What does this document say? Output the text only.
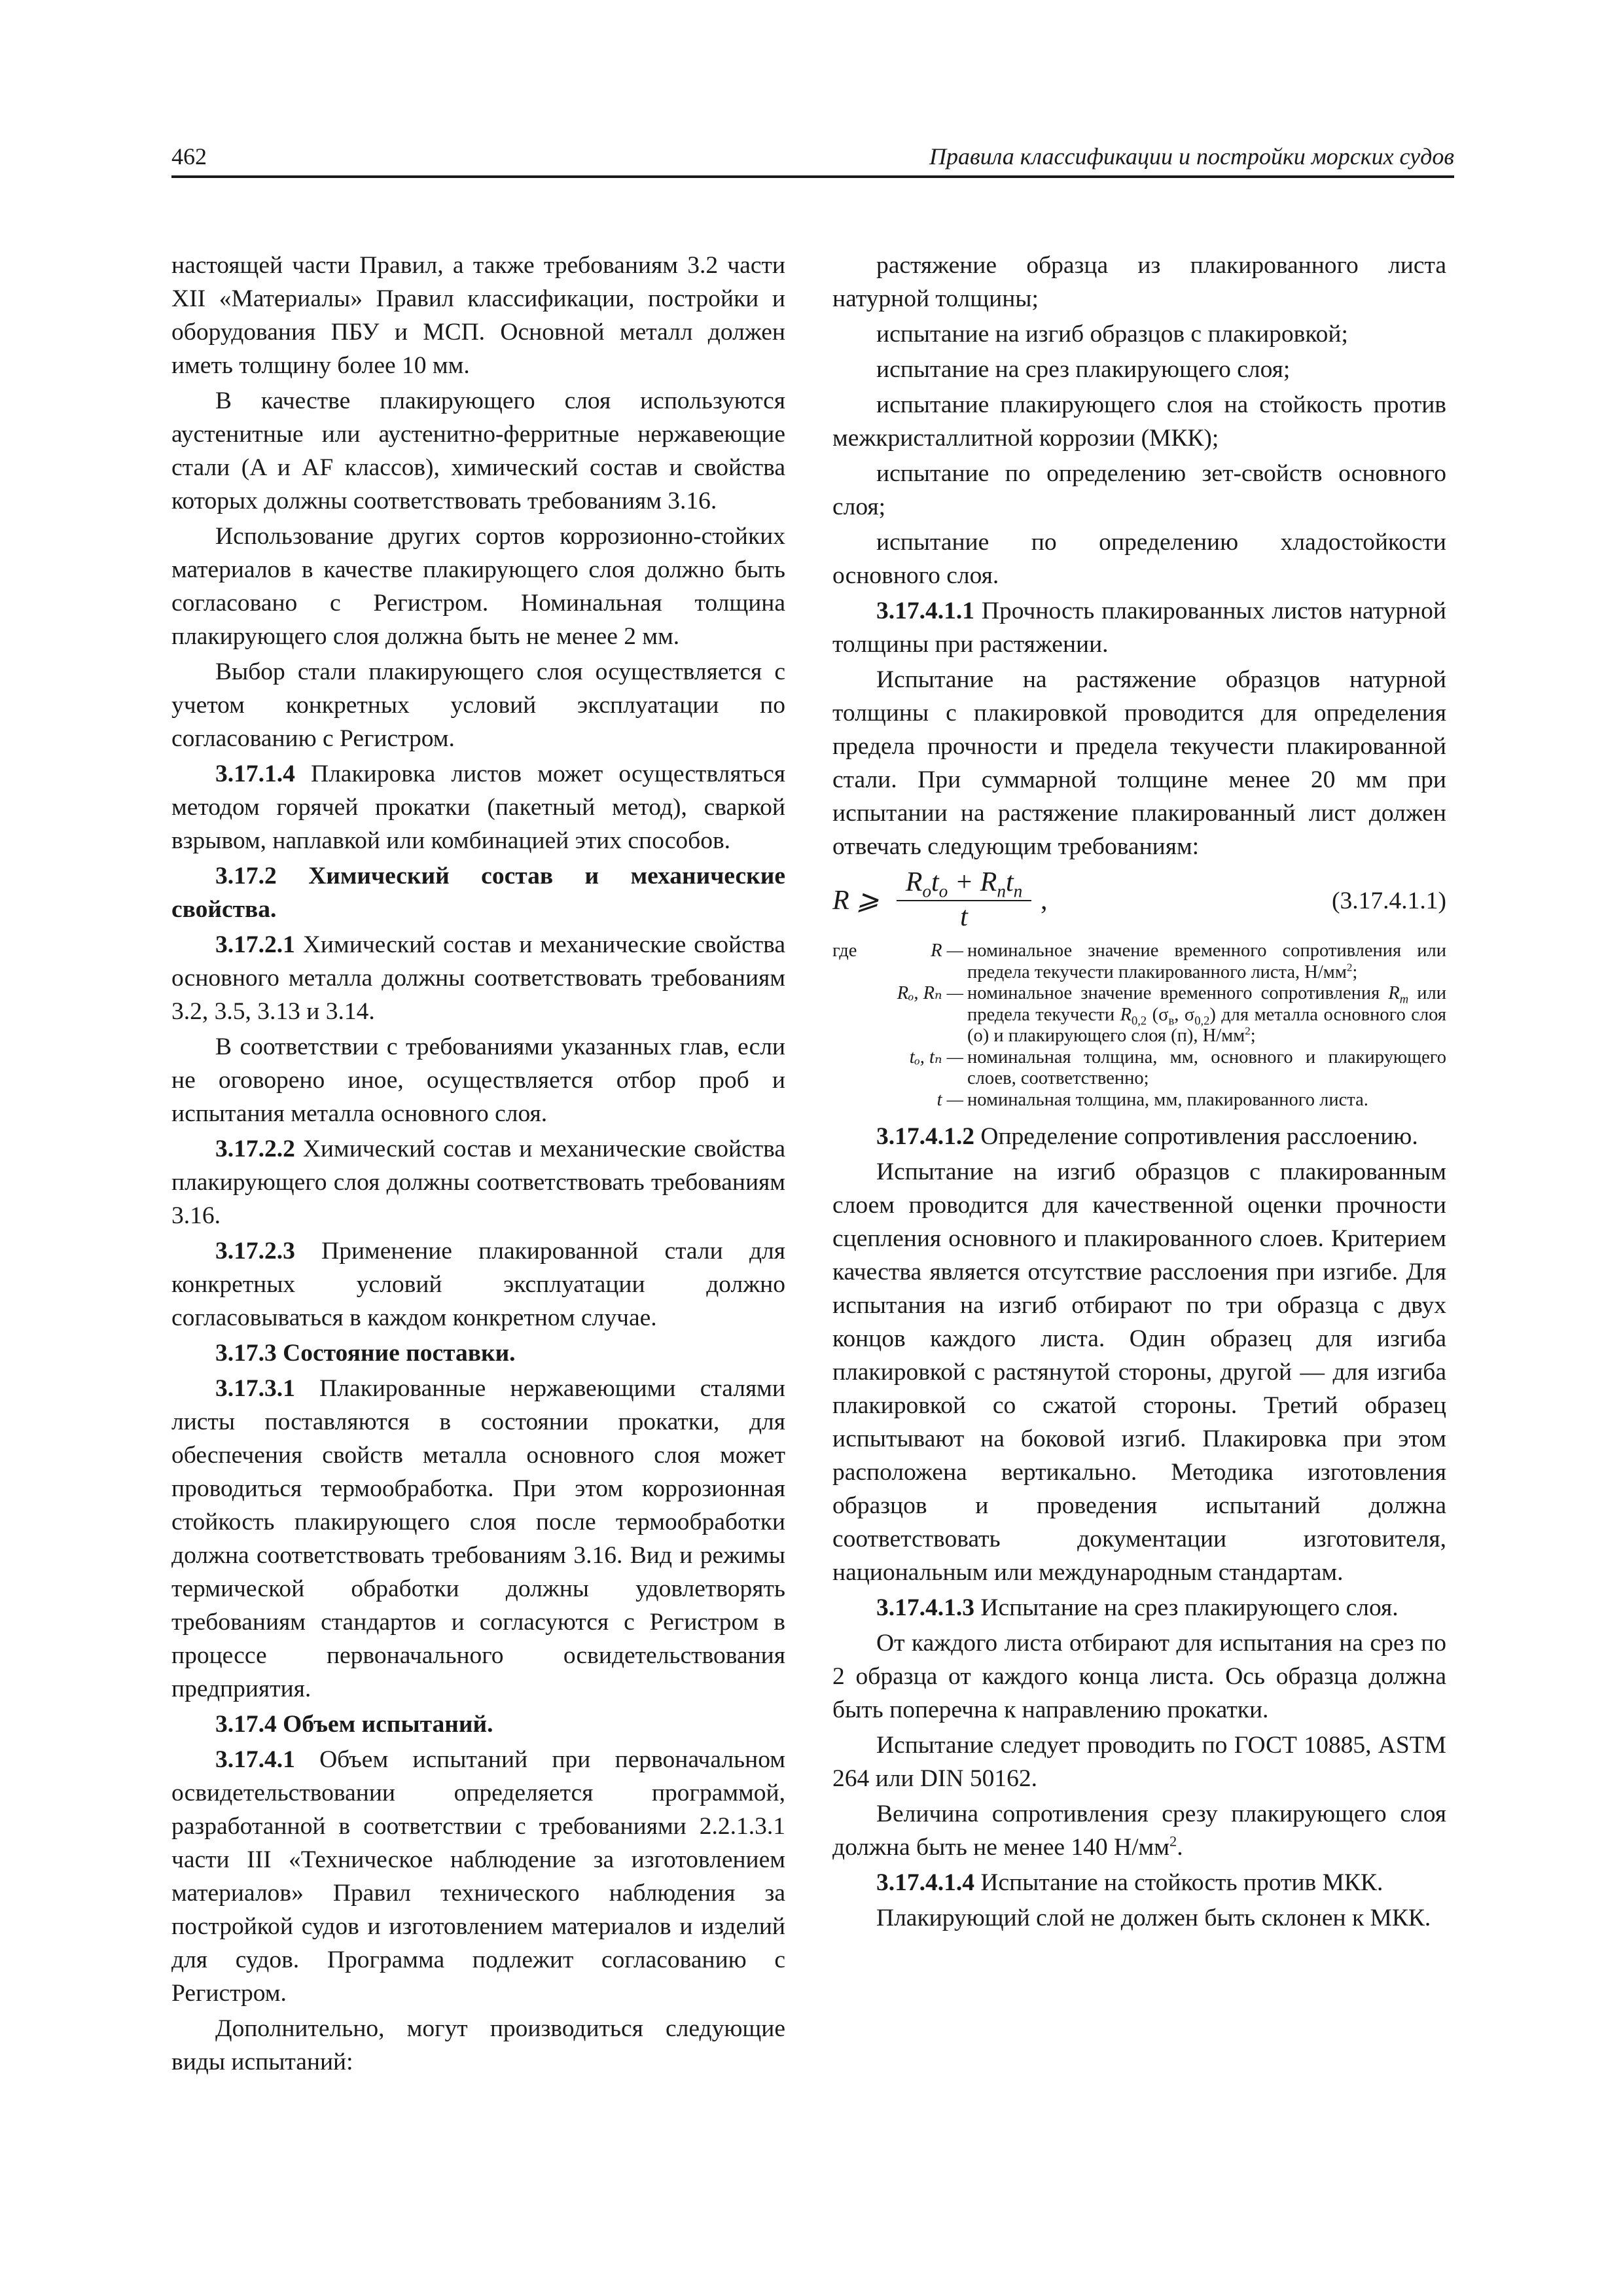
462	Правила классификации и постройки морских судов

настоящей части Правил, а также требованиям 3.2 части XII «Материалы» Правил классификации, постройки и оборудования ПБУ и МСП. Основной металл должен иметь толщину более 10 мм.

В качестве плакирующего слоя используются аустенитные или аустенитно-ферритные нержавеющие стали (A и AF классов), химический состав и свойства которых должны соответствовать требованиям 3.16.

Использование других сортов коррозионно-стойких материалов в качестве плакирующего слоя должно быть согласовано с Регистром. Номинальная толщина плакирующего слоя должна быть не менее 2 мм.

Выбор стали плакирующего слоя осуществляется с учетом конкретных условий эксплуатации по согласованию с Регистром.

3.17.1.4 Плакировка листов может осуществляться методом горячей прокатки (пакетный метод), сваркой взрывом, наплавкой или комбинацией этих способов.

3.17.2 Химический состав и механические свойства.

3.17.2.1 Химический состав и механические свойства основного металла должны соответствовать требованиям 3.2, 3.5, 3.13 и 3.14.

В соответствии с требованиями указанных глав, если не оговорено иное, осуществляется отбор проб и испытания металла основного слоя.

3.17.2.2 Химический состав и механические свойства плакирующего слоя должны соответствовать требованиям 3.16.

3.17.2.3 Применение плакированной стали для конкретных условий эксплуатации должно согласовываться в каждом конкретном случае.

3.17.3 Состояние поставки.

3.17.3.1 Плакированные нержавеющими сталями листы поставляются в состоянии прокатки, для обеспечения свойств металла основного слоя может проводиться термообработка. При этом коррозионная стойкость плакирующего слоя после термообработки должна соответствовать требованиям 3.16. Вид и режимы термической обработки должны удовлетворять требованиям стандартов и согласуются с Регистром в процессе первоначального освидетельствования предприятия.

3.17.4 Объем испытаний.

3.17.4.1 Объем испытаний при первоначальном освидетельствовании определяется программой, разработанной в соответствии с требованиями 2.2.1.3.1 части III «Техническое наблюдение за изготовлением материалов» Правил технического наблюдения за постройкой судов и изготовлением материалов и изделий для судов. Программа подлежит согласованию с Регистром.

Дополнительно, могут производиться следующие виды испытаний:

растяжение образца из плакированного листа натурной толщины;

испытание на изгиб образцов с плакировкой;

испытание на срез плакирующего слоя;

испытание плакирующего слоя на стойкость против межкристаллитной коррозии (МКК);

испытание по определению зет-свойств основного слоя;

испытание по определению хладостойкости основного слоя.

3.17.4.1.1 Прочность плакированных листов натурной толщины при растяжении.

Испытание на растяжение образцов натурной толщины с плакировкой проводится для определения предела прочности и предела текучести плакированной стали. При суммарной толщине менее 20 мм при испытании на растяжение плакированный лист должен отвечать следующим требованиям:

R ⩾
$R_ot_o + R_nt_n$
t
,	(3.17.4.1.1)
где	R — номинальное значение временного сопротивления или предела текучести плакированного листа, $Н/мм^2$;
Rₒ, Rₙ — номинальное значение временного сопротивления $R_m$ или предела текучести $R_{0,2}$ ($\sigma_в$, $\sigma_{0,2}$) для металла основного слоя (о) и плакирующего слоя (п), $Н/мм^2$;
tₒ, tₙ — номинальная толщина, мм, основного и плакирующего слоев, соответственно;
t — номинальная толщина, мм, плакированного листа.

3.17.4.1.2 Определение сопротивления расслоению.

Испытание на изгиб образцов с плакированным слоем проводится для качественной оценки прочности сцепления основного и плакированного слоев. Критерием качества является отсутствие расслоения при изгибе. Для испытания на изгиб отбирают по три образца с двух концов каждого листа. Один образец для изгиба плакировкой с растянутой стороны, другой — для изгиба плакировкой со сжатой стороны. Третий образец испытывают на боковой изгиб. Плакировка при этом расположена вертикально. Методика изготовления образцов и проведения испытаний должна соответствовать документации изготовителя, национальным или международным стандартам.

3.17.4.1.3 Испытание на срез плакирующего слоя.

От каждого листа отбирают для испытания на срез по 2 образца от каждого конца листа. Ось образца должна быть поперечна к направлению прокатки.

Испытание следует проводить по ГОСТ 10885, ASTM 264 или DIN 50162.

Величина сопротивления срезу плакирующего слоя должна быть не менее 140 $Н/мм^2$.

3.17.4.1.4 Испытание на стойкость против МКК.

Плакирующий слой не должен быть склонен к МКК.
